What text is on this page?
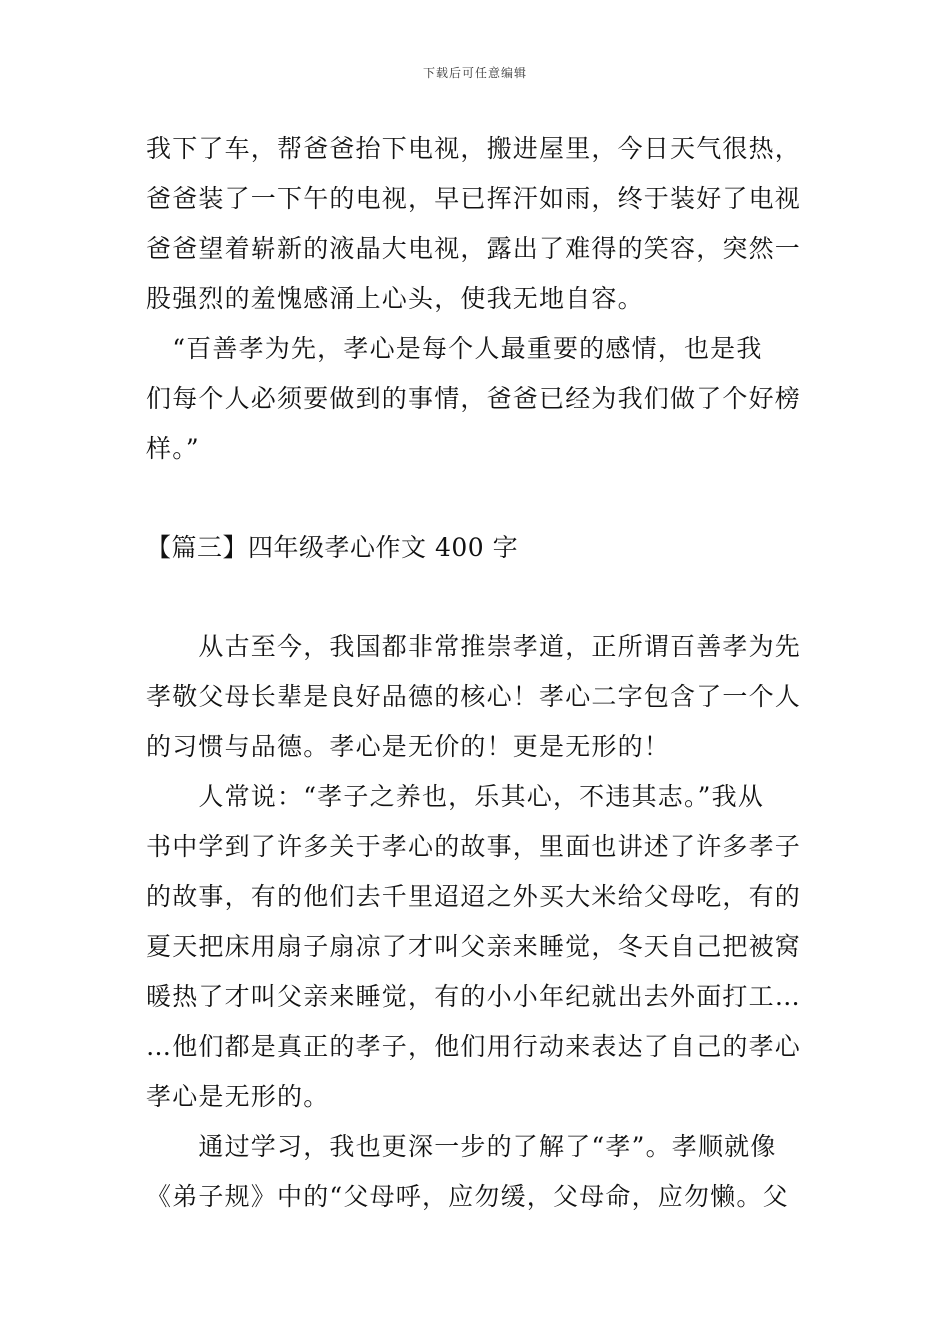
下载后可任意编辑
我下了车，帮爸爸抬下电视，搬进屋里，今日天气很热，
爸爸装了一下午的电视，早已挥汗如雨，终于装好了电视
爸爸望着崭新的液晶大电视，露出了难得的笑容，突然一
股强烈的羞愧感涌上心头，使我无地自容。
　“百善孝为先，孝心是每个人最重要的感情，也是我
们每个人必须要做到的事情，爸爸已经为我们做了个好榜
样。”
【篇三】四年级孝心作文 400 字
　　从古至今，我国都非常推崇孝道，正所谓百善孝为先
孝敬父母长辈是良好品德的核心！孝心二字包含了一个人
的习惯与品德。孝心是无价的！更是无形的！
　　人常说：“孝子之养也，乐其心，不违其志。”我从
书中学到了许多关于孝心的故事，里面也讲述了许多孝子
的故事，有的他们去千里迢迢之外买大米给父母吃，有的
夏天把床用扇子扇凉了才叫父亲来睡觉，冬天自己把被窝
暖热了才叫父亲来睡觉，有的小小年纪就出去外面打工…
…他们都是真正的孝子，他们用行动来表达了自己的孝心
孝心是无形的。
　　通过学习，我也更深一步的了解了“孝”。孝顺就像
《弟子规》中的“父母呼，应勿缓，父母命，应勿懒。父
